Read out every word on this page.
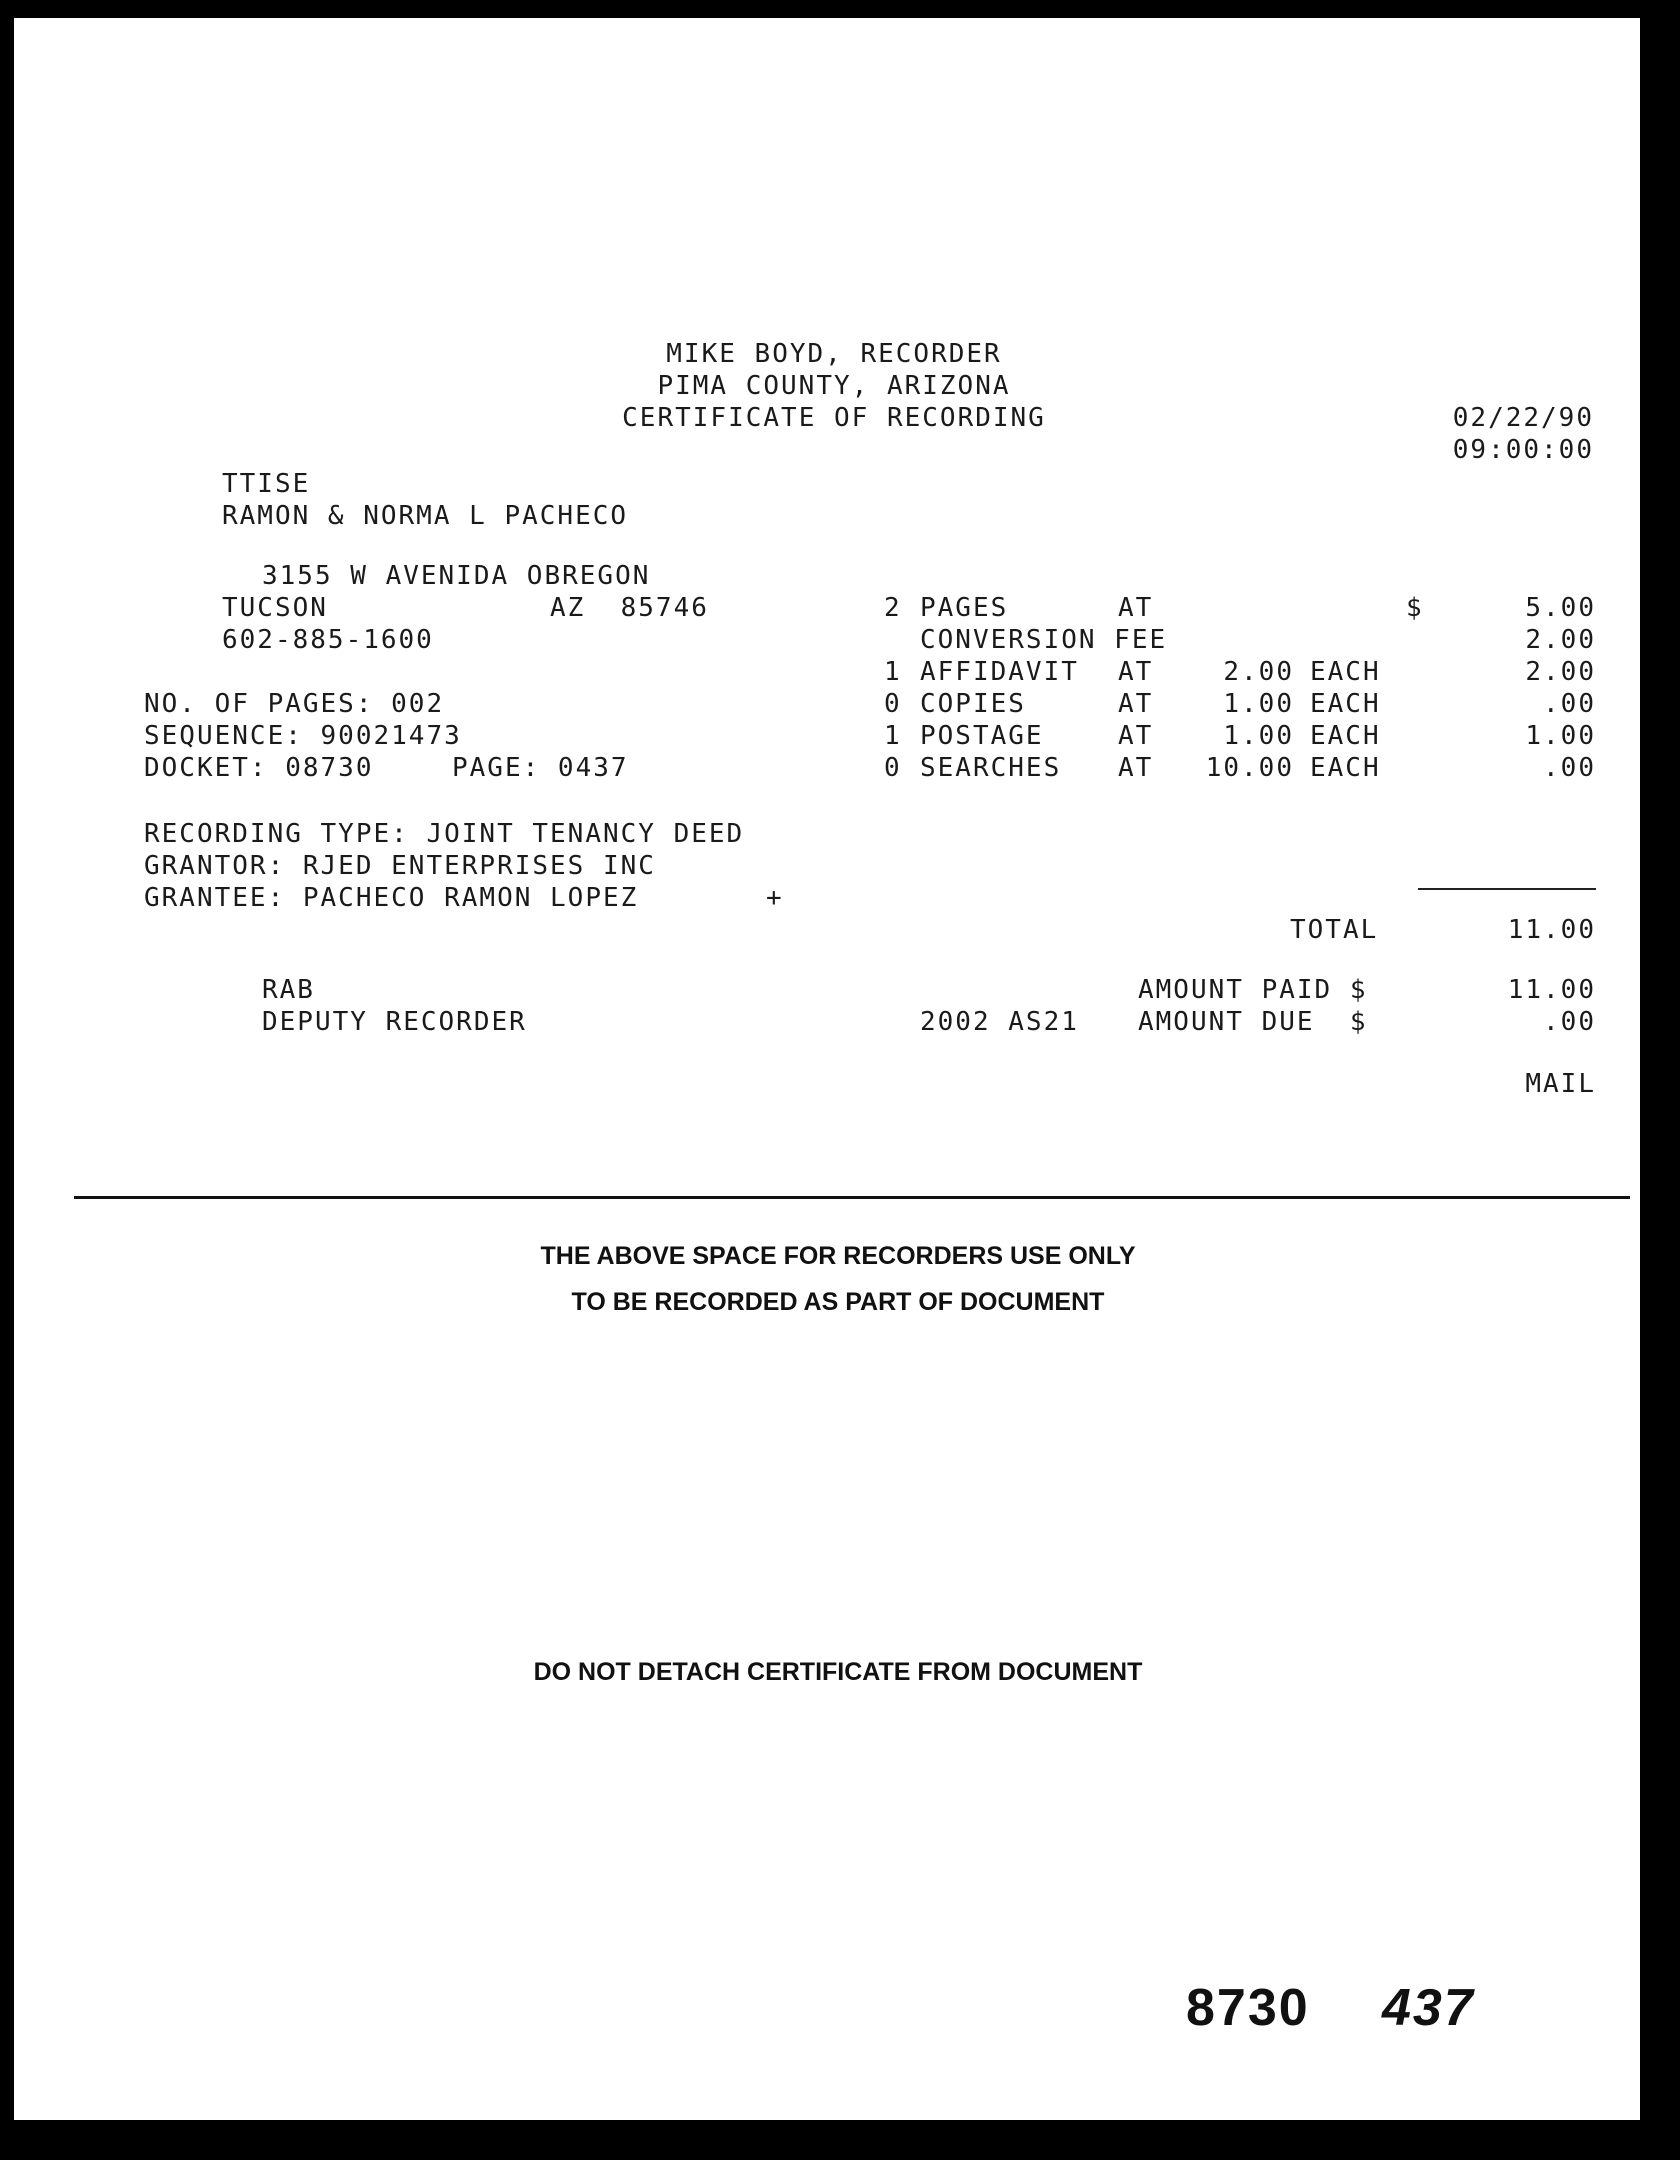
MIKE BOYD, RECORDER
PIMA COUNTY, ARIZONA
CERTIFICATE OF RECORDING	02/22/90
09:00:00
TTISE
RAMON & NORMA L PACHECO
3155 W AVENIDA OBREGON
TUCSON	AZ  85746
602-885-1600
NO. OF PAGES: 002
SEQUENCE: 90021473
DOCKET: 08730	PAGE: 0437
RECORDING TYPE: JOINT TENANCY DEED
GRANTOR: RJED ENTERPRISES INC
GRANTEE: PACHECO RAMON LOPEZ	+
2 PAGES	AT	$	5.00
CONVERSION FEE	2.00
1 AFFIDAVIT AT	2.00 EACH	2.00
0 COPIES	AT	1.00 EACH	.00
1 POSTAGE	AT	1.00 EACH	1.00
0 SEARCHES AT	10.00 EACH	.00
TOTAL	11.00
RAB
DEPUTY RECORDER
AMOUNT PAID $	11.00
2002 AS21 AMOUNT DUE  $	.00
MAIL
THE ABOVE SPACE FOR RECORDERS USE ONLY
TO BE RECORDED AS PART OF DOCUMENT
DO NOT DETACH CERTIFICATE FROM DOCUMENT
8730 437
